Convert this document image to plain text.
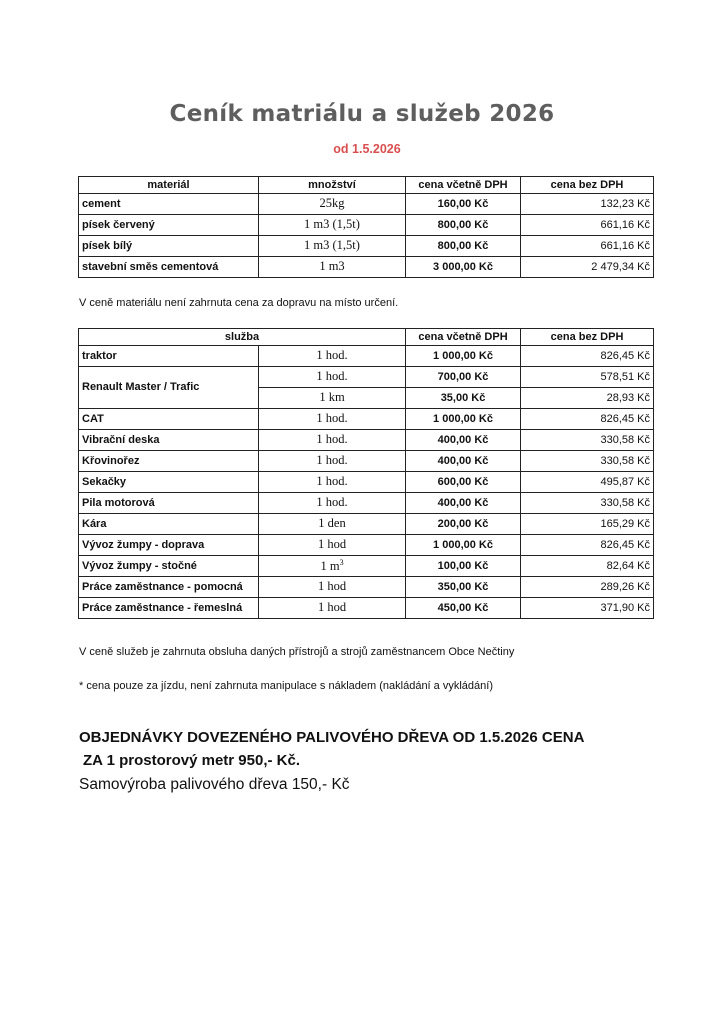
Ceník matriálu a služeb 2026
od 1.5.2026
materiál	množství	cena včetně DPH	cena bez DPH
cement	25kg	160,00 Kč	132,23 Kč
písek červený	1 m3 (1,5t)	800,00 Kč	661,16 Kč
písek bílý	1 m3 (1,5t)	800,00 Kč	661,16 Kč
stavební směs cementová	1 m3	3 000,00 Kč	2 479,34 Kč
V ceně materiálu není zahrnuta cena za dopravu na místo určení.
služba		cena včetně DPH	cena bez DPH
traktor	1 hod.	1 000,00 Kč	826,45 Kč
Renault Master / Trafic	1 hod.	700,00 Kč	578,51 Kč
	1 km	35,00 Kč	28,93 Kč
CAT	1 hod.	1 000,00 Kč	826,45 Kč
Vibrační deska	1 hod.	400,00 Kč	330,58 Kč
Křovinořez	1 hod.	400,00 Kč	330,58 Kč
Sekačky	1 hod.	600,00 Kč	495,87 Kč
Pila motorová	1 hod.	400,00 Kč	330,58 Kč
Kára	1 den	200,00 Kč	165,29 Kč
Vývoz žumpy - doprava	1 hod	1 000,00 Kč	826,45 Kč
Vývoz žumpy - stočné	1 $m^3$	100,00 Kč	82,64 Kč
Práce zaměstnance - pomocná	1 hod	350,00 Kč	289,26 Kč
Práce zaměstnance - řemeslná	1 hod	450,00 Kč	371,90 Kč
V ceně služeb je zahrnuta obsluha daných přístrojů a strojů zaměstnancem Obce Nečtiny
* cena pouze za jízdu, není zahrnuta manipulace s nákladem (nakládání a vykládání)
OBJEDNÁVKY DOVEZENÉHO PALIVOVÉHO DŘEVA OD 1.5.2026 CENA
ZA 1 prostorový metr 950,- Kč.
Samovýroba palivového dřeva 150,- Kč
